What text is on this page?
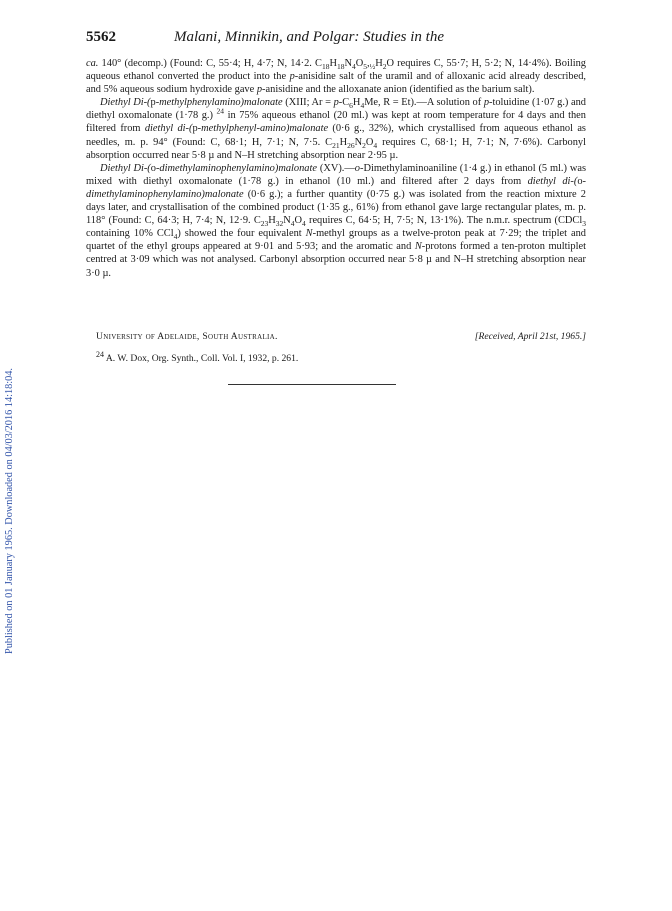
Published on 01 January 1965. Downloaded on 04/03/2016 14:18:04.
5562	Malani, Minnikin, and Polgar: Studies in the

ca. 140° (decomp.) (Found: C, 55·4; H, 4·7; N, 14·2. $C_{18}H_{18}N_4O_5,_{\frac{1}{2}}H_2O$ requires C, 55·7; H, 5·2; N, 14·4%). Boiling aqueous ethanol converted the product into the p-anisidine salt of the uramil and of alloxanic acid already described, and 5% aqueous sodium hydroxide gave p-anisidine and the alloxanate anion (identified as the barium salt).

Diethyl Di-(p-methylphenylamino)malonate (XIII; $Ar = p-C_6H_4Me$, R = Et).—A solution of p-toluidine (1·07 g.) and diethyl oxomalonate (1·78 g.) $^{24}$ in 75% aqueous ethanol (20 ml.) was kept at room temperature for 4 days and then filtered from diethyl di-(p-methylphenyl-amino)malonate (0·6 g., 32%), which crystallised from aqueous ethanol as needles, m. p. 94° (Found: C, 68·1; H, 7·1; N, 7·5. $C_{21}H_{26}N_2O_4$ requires C, 68·1; H, 7·1; N, 7·6%). Carbonyl absorption occurred near 5·8 µ and N–H stretching absorption near 2·95 µ.

Diethyl Di-(o-dimethylaminophenylamino)malonate (XV).—o-Dimethylaminoaniline (1·4 g.) in ethanol (5 ml.) was mixed with diethyl oxomalonate (1·78 g.) in ethanol (10 ml.) and filtered after 2 days from diethyl di-(o-dimethylaminophenylamino)malonate (0·6 g.); a further quantity (0·75 g.) was isolated from the reaction mixture 2 days later, and crystallisation of the combined product (1·35 g., 61%) from ethanol gave large rectangular plates, m. p. 118° (Found: C, 64·3; H, 7·4; N, 12·9. $C_{23}H_{32}N_4O_4$ requires C, 64·5; H, 7·5; N, 13·1%). The n.m.r. spectrum (CDCl$_3$ containing 10% CCl$_4$) showed the four equivalent N-methyl groups as a twelve-proton peak at 7·29; the triplet and quartet of the ethyl groups appeared at 9·01 and 5·93; and the aromatic and N-protons formed a ten-proton multiplet centred at 3·09 which was not analysed. Carbonyl absorption occurred near 5·8 µ and N–H stretching absorption near 3·0 µ.

University of Adelaide, South Australia.	[Received, April 21st, 1965.]
$^{24}$ A. W. Dox, Org. Synth., Coll. Vol. I, 1932, p. 261.
